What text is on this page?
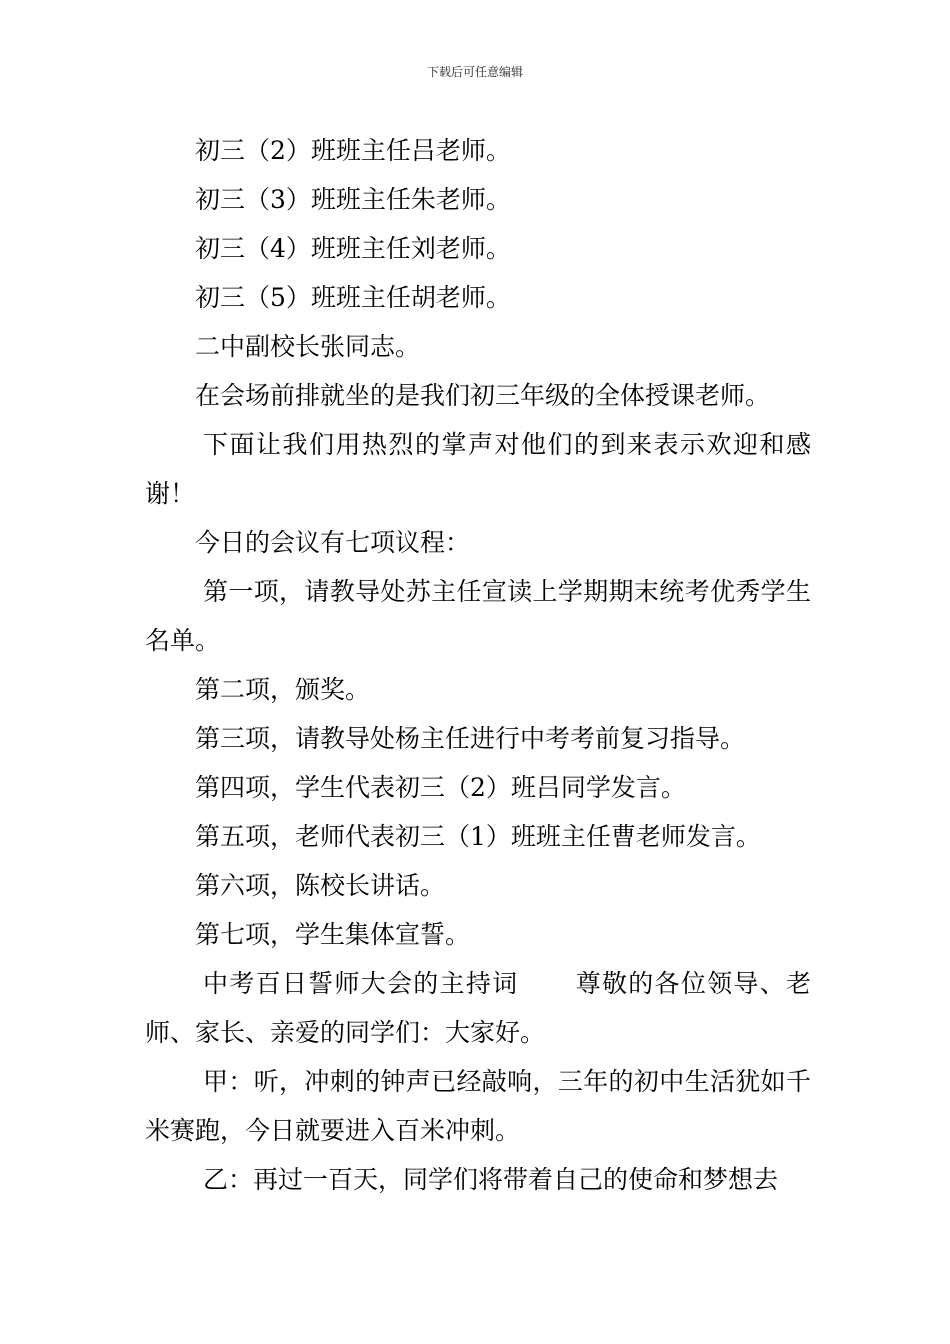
下载后可任意编辑

初三（2）班班主任吕老师。

初三（3）班班主任朱老师。

初三（4）班班主任刘老师。

初三（5）班班主任胡老师。

二中副校长张同志。

在会场前排就坐的是我们初三年级的全体授课老师。

下面让我们用热烈的掌声对他们的到来表示欢迎和感谢！

今日的会议有七项议程：

第一项，请教导处苏主任宣读上学期期末统考优秀学生名单。

第二项，颁奖。

第三项，请教导处杨主任进行中考考前复习指导。

第四项，学生代表初三（2）班吕同学发言。

第五项，老师代表初三（1）班班主任曹老师发言。

第六项，陈校长讲话。

第七项，学生集体宣誓。

中考百日誓师大会的主持词 尊敬的各位领导、老师、家长、亲爱的同学们：大家好。

甲：听，冲刺的钟声已经敲响，三年的初中生活犹如千米赛跑，今日就要进入百米冲刺。

乙：再过一百天，同学们将带着自己的使命和梦想去
